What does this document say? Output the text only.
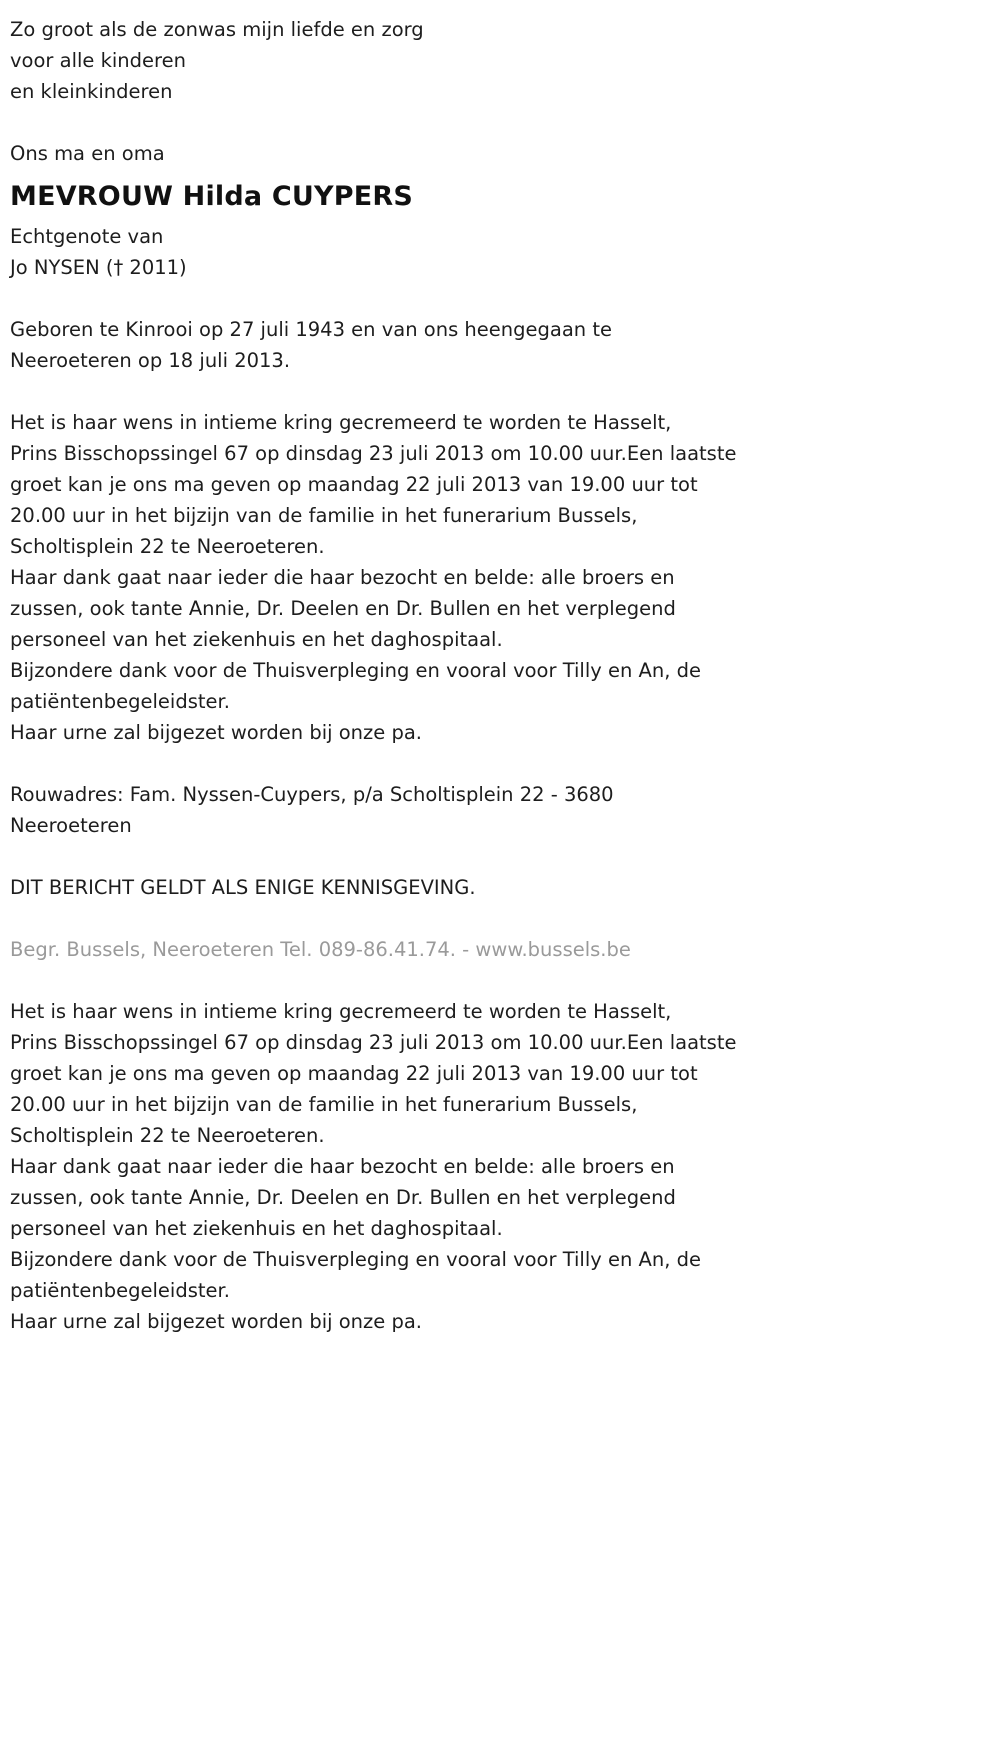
Zo groot als de zonwas mijn liefde en zorg
voor alle kinderen
en kleinkinderen
Ons ma en oma
MEVROUW Hilda CUYPERS
Echtgenote van
Jo NYSEN († 2011)
Geboren te Kinrooi op 27 juli 1943 en van ons heengegaan te
Neeroeteren op 18 juli 2013.
Het is haar wens in intieme kring gecremeerd te worden te Hasselt,
Prins Bisschopssingel 67 op dinsdag 23 juli 2013 om 10.00 uur.Een laatste
groet kan je ons ma geven op maandag 22 juli 2013 van 19.00 uur tot
20.00 uur in het bijzijn van de familie in het funerarium Bussels,
Scholtisplein 22 te Neeroeteren.
Haar dank gaat naar ieder die haar bezocht en belde: alle broers en
zussen, ook tante Annie, Dr. Deelen en Dr. Bullen en het verplegend
personeel van het ziekenhuis en het daghospitaal.
Bijzondere dank voor de Thuisverpleging en vooral voor Tilly en An, de
patiëntenbegeleidster.
Haar urne zal bijgezet worden bij onze pa.
Rouwadres: Fam. Nyssen-Cuypers, p/a Scholtisplein 22 - 3680
Neeroeteren
DIT BERICHT GELDT ALS ENIGE KENNISGEVING.
Begr. Bussels, Neeroeteren Tel. 089-86.41.74. - www.bussels.be
Het is haar wens in intieme kring gecremeerd te worden te Hasselt,
Prins Bisschopssingel 67 op dinsdag 23 juli 2013 om 10.00 uur.Een laatste
groet kan je ons ma geven op maandag 22 juli 2013 van 19.00 uur tot
20.00 uur in het bijzijn van de familie in het funerarium Bussels,
Scholtisplein 22 te Neeroeteren.
Haar dank gaat naar ieder die haar bezocht en belde: alle broers en
zussen, ook tante Annie, Dr. Deelen en Dr. Bullen en het verplegend
personeel van het ziekenhuis en het daghospitaal.
Bijzondere dank voor de Thuisverpleging en vooral voor Tilly en An, de
patiëntenbegeleidster.
Haar urne zal bijgezet worden bij onze pa.
